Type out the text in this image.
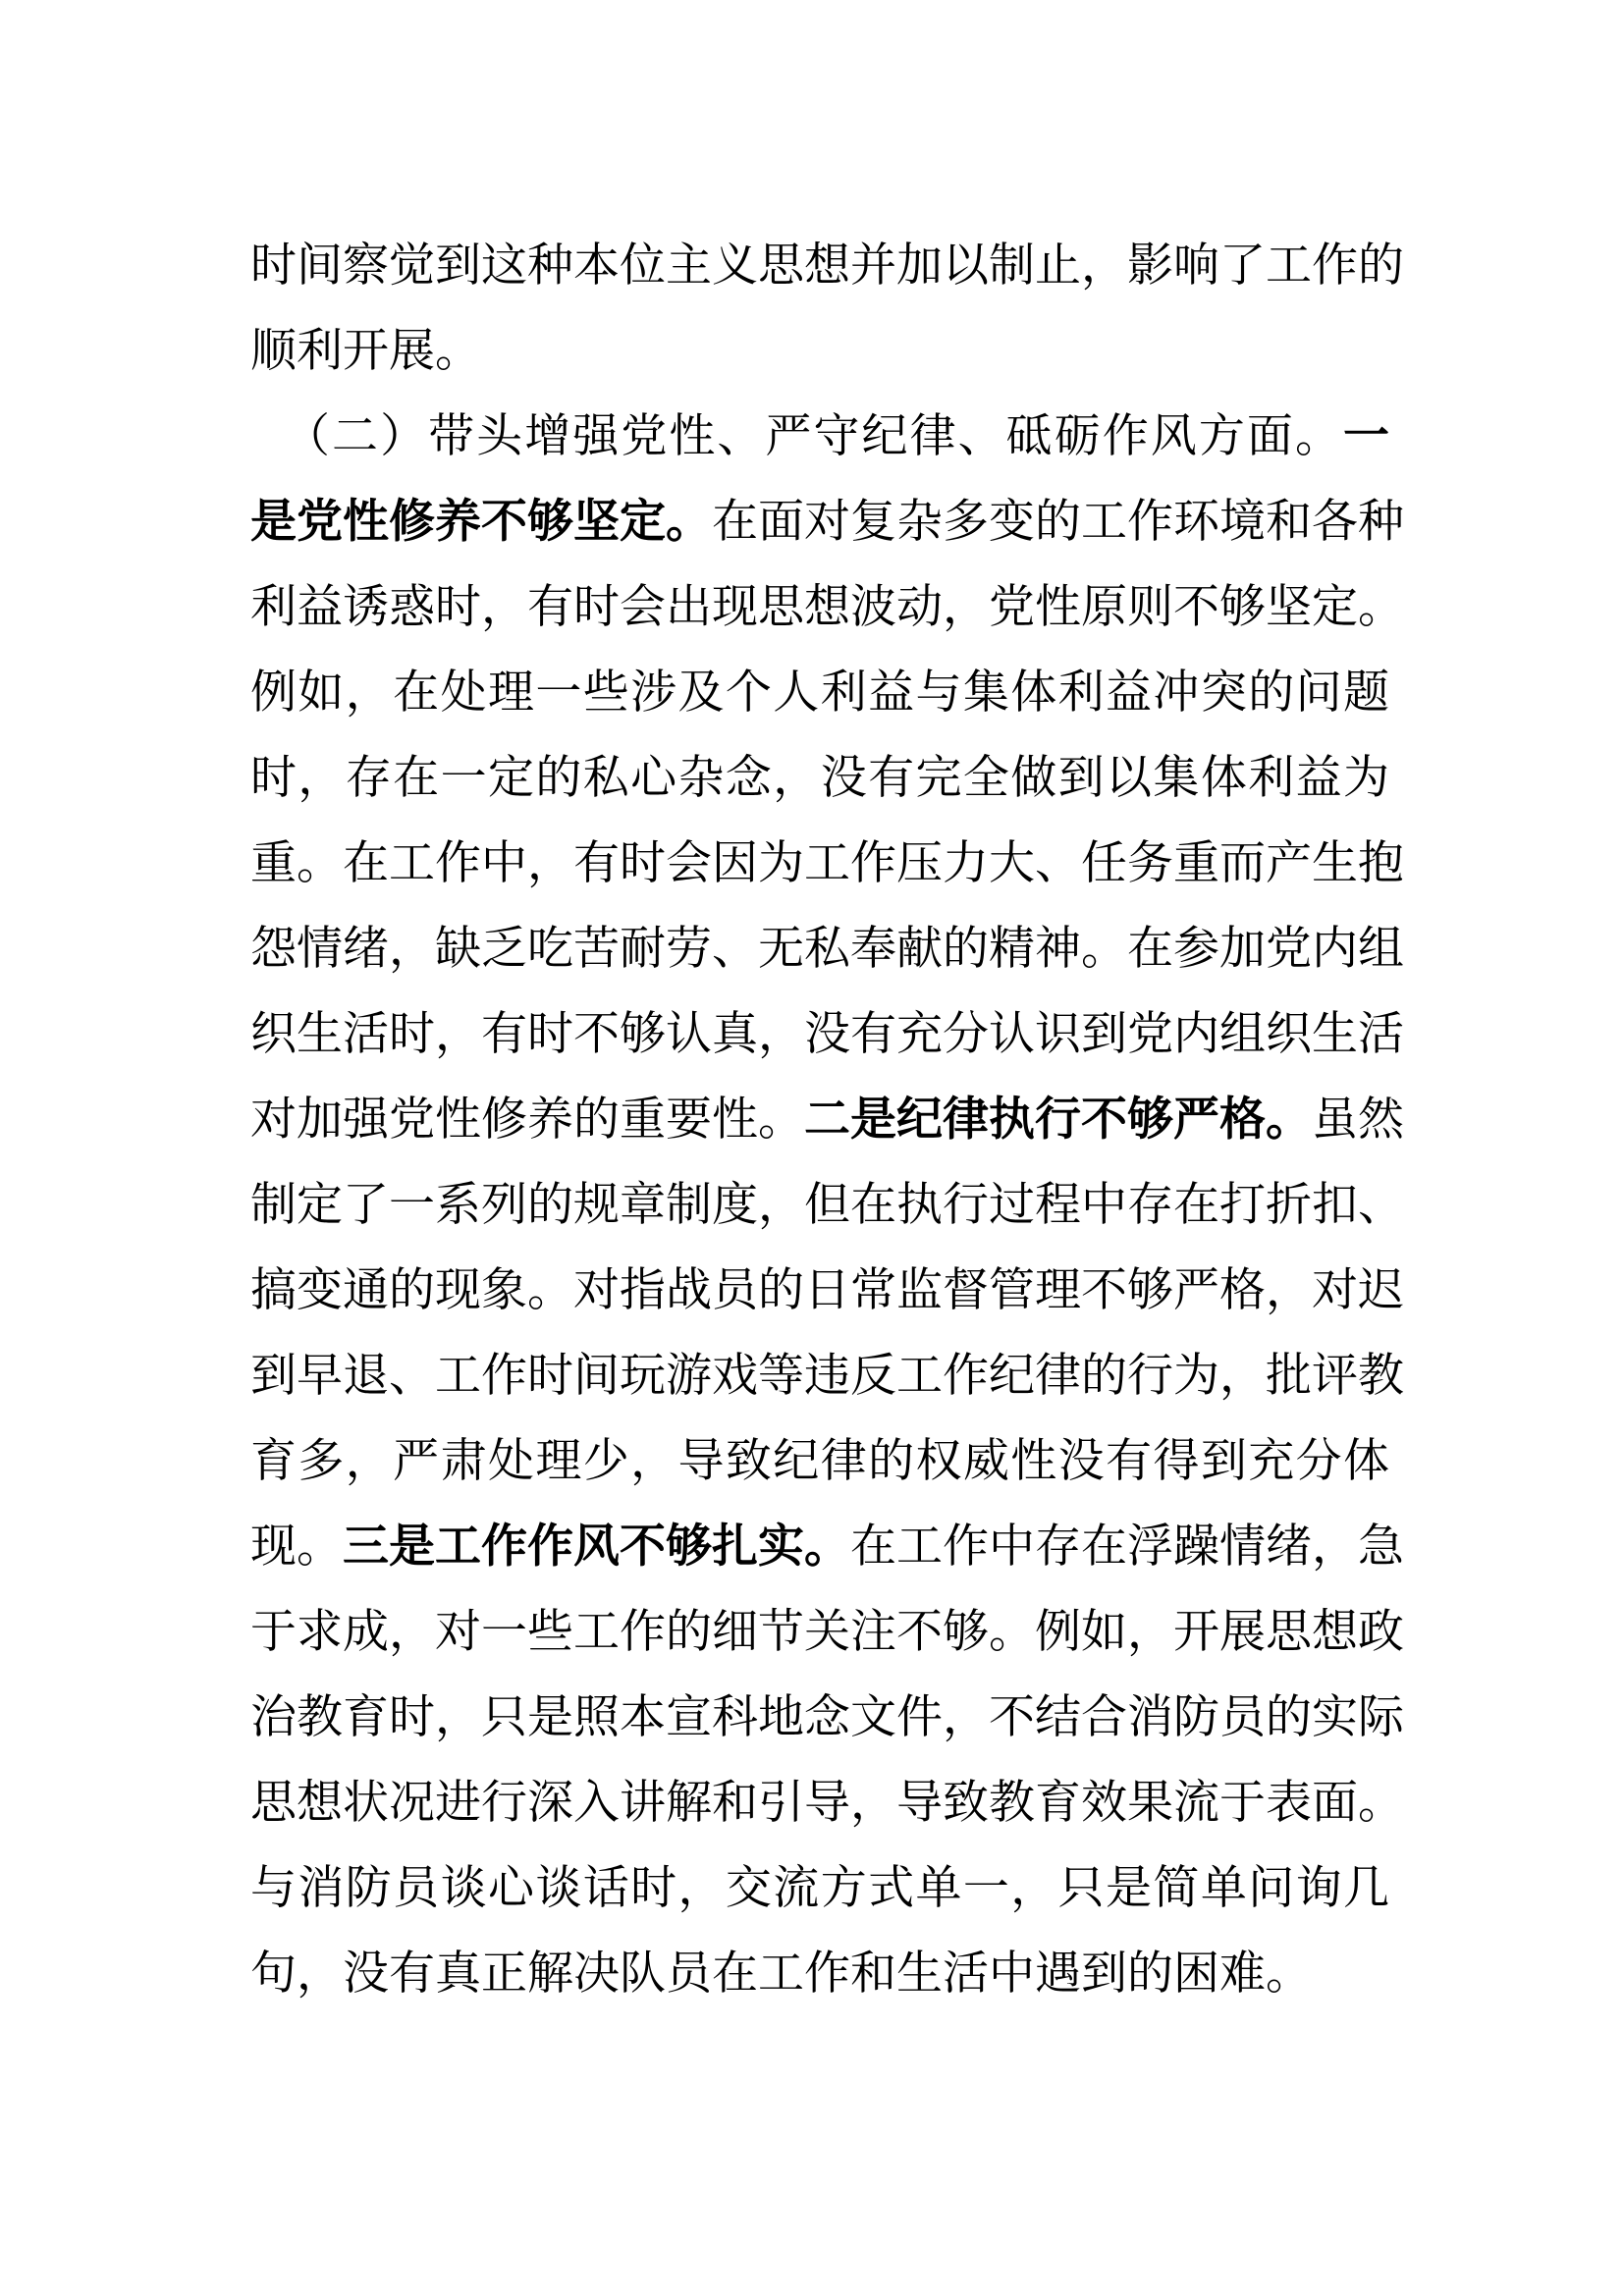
时间察觉到这种本位主义思想并加以制止，影响了工作的
顺利开展。
（二）带头增强党性、严守纪律、砥砺作风方面。一
是党性修养不够坚定。在面对复杂多变的工作环境和各种
利益诱惑时，有时会出现思想波动，党性原则不够坚定。
例如，在处理一些涉及个人利益与集体利益冲突的问题
时，存在一定的私心杂念，没有完全做到以集体利益为
重。在工作中，有时会因为工作压力大、任务重而产生抱
怨情绪，缺乏吃苦耐劳、无私奉献的精神。在参加党内组
织生活时，有时不够认真，没有充分认识到党内组织生活
对加强党性修养的重要性。二是纪律执行不够严格。虽然
制定了一系列的规章制度，但在执行过程中存在打折扣、
搞变通的现象。对指战员的日常监督管理不够严格，对迟
到早退、工作时间玩游戏等违反工作纪律的行为，批评教
育多，严肃处理少，导致纪律的权威性没有得到充分体
现。三是工作作风不够扎实。在工作中存在浮躁情绪，急
于求成，对一些工作的细节关注不够。例如，开展思想政
治教育时，只是照本宣科地念文件，不结合消防员的实际
思想状况进行深入讲解和引导，导致教育效果流于表面。
与消防员谈心谈话时，交流方式单一，只是简单问询几
句，没有真正解决队员在工作和生活中遇到的困难。
